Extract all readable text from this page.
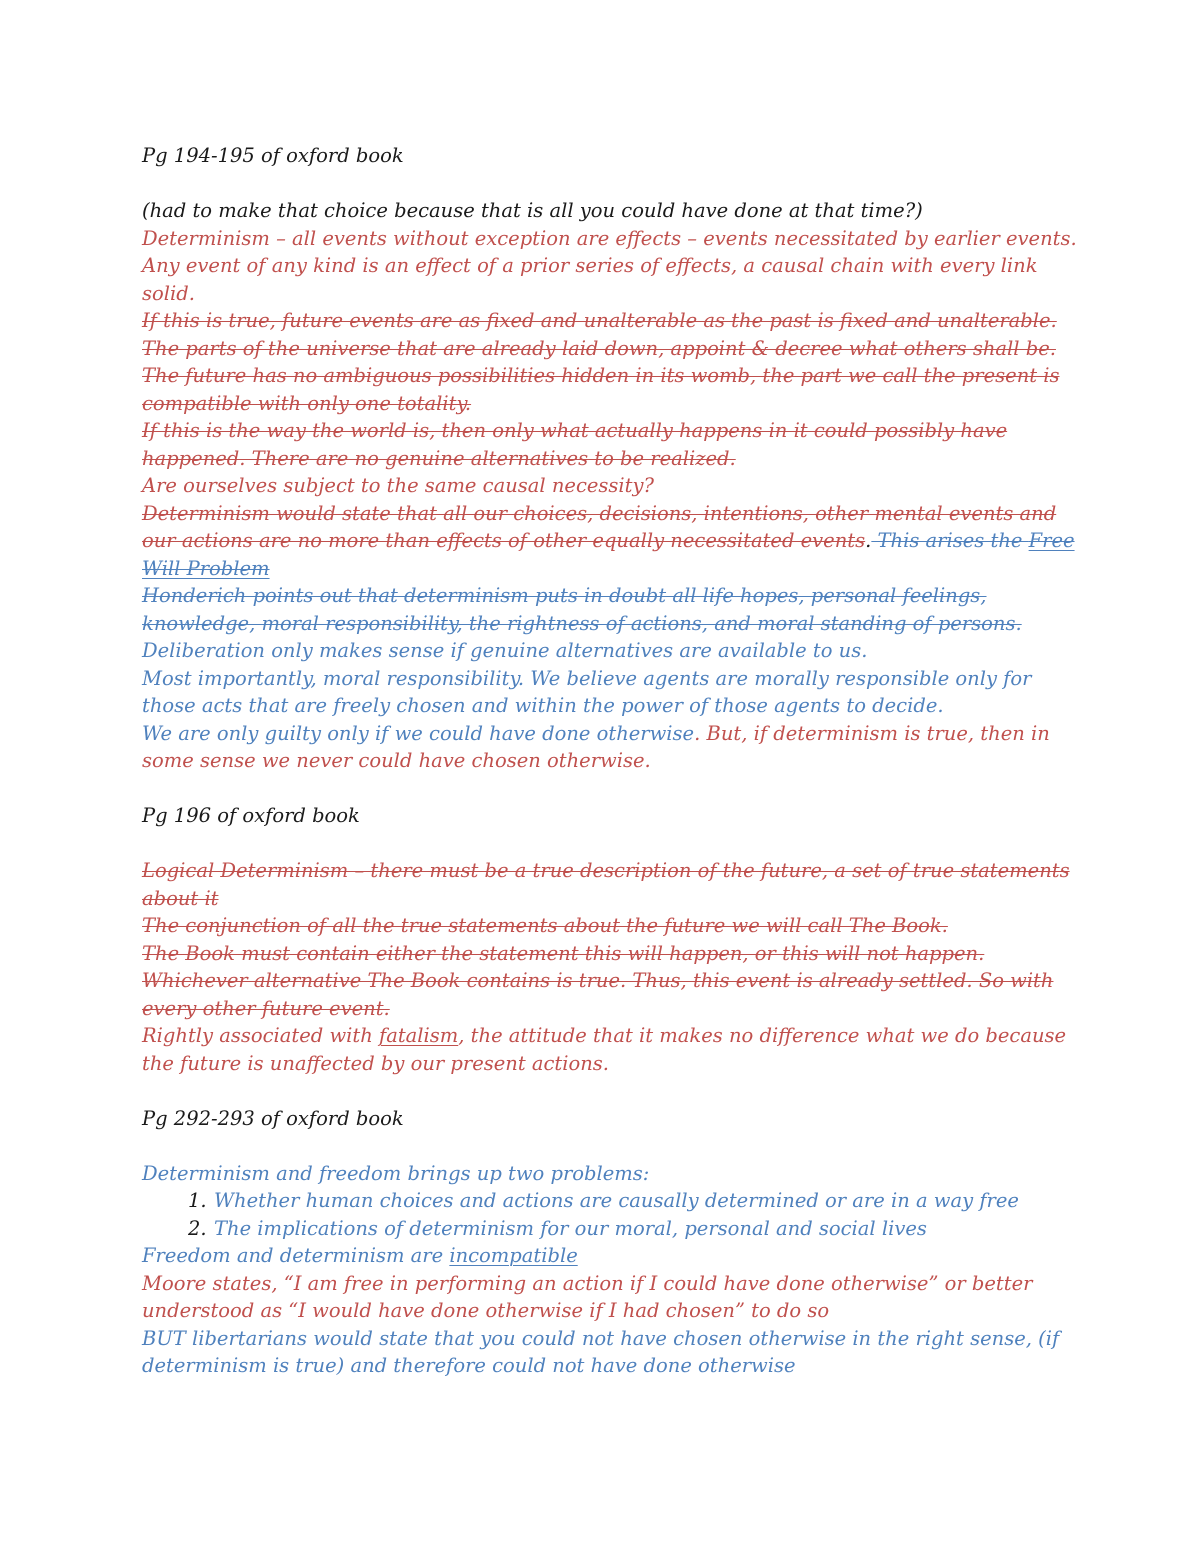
Pg 194-195 of oxford book
(had to make that choice because that is all you could have done at that time?)
Determinism – all events without exception are effects – events necessitated by earlier events.
Any event of any kind is an effect of a prior series of effects, a causal chain with every link
solid.
If this is true, future events are as fixed and unalterable as the past is fixed and unalterable.
The parts of the universe that are already laid down, appoint & decree what others shall be.
The future has no ambiguous possibilities hidden in its womb, the part we call the present is
compatible with only one totality.
If this is the way the world is, then only what actually happens in it could possibly have
happened. There are no genuine alternatives to be realized.
Are ourselves subject to the same causal necessity?
Determinism would state that all our choices, decisions, intentions, other mental events and
our actions are no more than effects of other equally necessitated events. This arises the Free
Will Problem
Honderich points out that determinism puts in doubt all life hopes, personal feelings,
knowledge, moral responsibility, the rightness of actions, and moral standing of persons.
Deliberation only makes sense if genuine alternatives are available to us.
Most importantly, moral responsibility. We believe agents are morally responsible only for
those acts that are freely chosen and within the power of those agents to decide.
We are only guilty only if we could have done otherwise. But, if determinism is true, then in
some sense we never could have chosen otherwise.
Pg 196 of oxford book
Logical Determinism – there must be a true description of the future, a set of true statements
about it
The conjunction of all the true statements about the future we will call The Book.
The Book must contain either the statement this will happen, or this will not happen.
Whichever alternative The Book contains is true. Thus, this event is already settled. So with
every other future event.
Rightly associated with fatalism, the attitude that it makes no difference what we do because
the future is unaffected by our present actions.
Pg 292-293 of oxford book
Determinism and freedom brings up two problems:
1. Whether human choices and actions are causally determined or are in a way free
2. The implications of determinism for our moral, personal and social lives
Freedom and determinism are incompatible
Moore states, “I am free in performing an action if I could have done otherwise” or better
understood as “I would have done otherwise if I had chosen” to do so
BUT libertarians would state that you could not have chosen otherwise in the right sense, (if
determinism is true) and therefore could not have done otherwise
